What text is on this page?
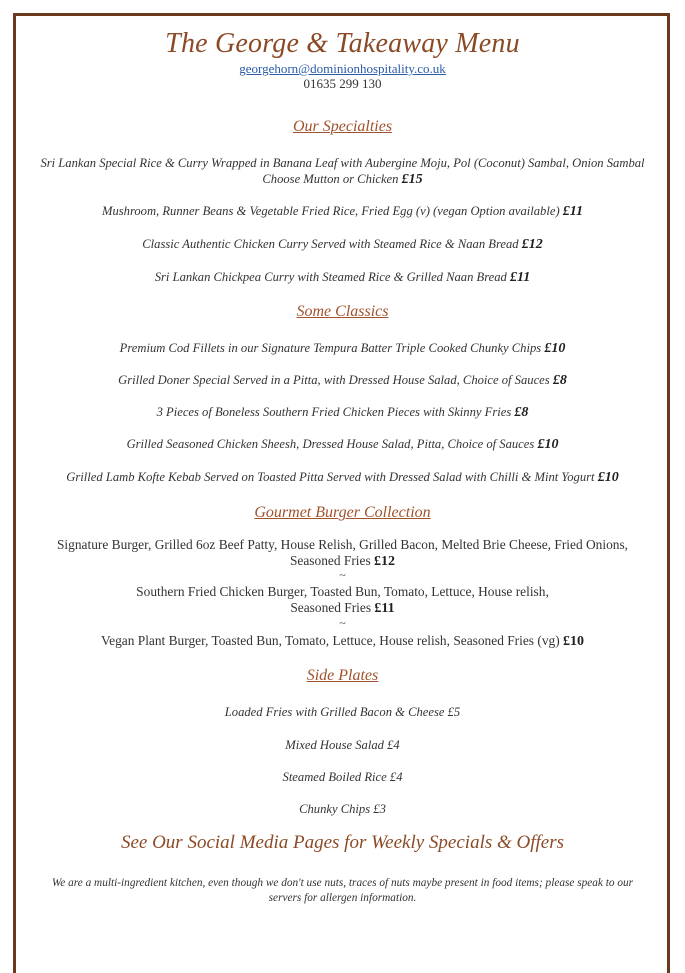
The George & Takeaway Menu
georgehorn@dominionhospitality.co.uk
01635 299 130
Our Specialties
Sri Lankan Special Rice & Curry Wrapped in Banana Leaf with Aubergine Moju, Pol (Coconut) Sambal, Onion Sambal
Choose Mutton or Chicken £15
Mushroom, Runner Beans & Vegetable Fried Rice, Fried Egg (v) (vegan Option available) £11
Classic Authentic Chicken Curry Served with Steamed Rice & Naan Bread £12
Sri Lankan Chickpea Curry with Steamed Rice & Grilled Naan Bread £11
Some Classics
Premium Cod Fillets in our Signature Tempura Batter Triple Cooked Chunky Chips £10
Grilled Doner Special Served in a Pitta, with Dressed House Salad, Choice of Sauces £8
3 Pieces of Boneless Southern Fried Chicken Pieces with Skinny Fries £8
Grilled Seasoned Chicken Sheesh, Dressed House Salad, Pitta, Choice of Sauces £10
Grilled Lamb Kofte Kebab Served on Toasted Pitta Served with Dressed Salad with Chilli & Mint Yogurt £10
Gourmet Burger Collection
Signature Burger, Grilled 6oz Beef Patty, House Relish, Grilled Bacon, Melted Brie Cheese, Fried Onions,
Seasoned Fries £12
~
Southern Fried Chicken Burger, Toasted Bun, Tomato, Lettuce, House relish,
Seasoned Fries £11
~
Vegan Plant Burger, Toasted Bun, Tomato, Lettuce, House relish, Seasoned Fries (vg) £10
Side Plates
Loaded Fries with Grilled Bacon & Cheese £5
Mixed House Salad £4
Steamed Boiled Rice £4
Chunky Chips £3
See Our Social Media Pages for Weekly Specials & Offers
We are a multi-ingredient kitchen, even though we don't use nuts, traces of nuts maybe present in food items; please speak to our servers for allergen information.
